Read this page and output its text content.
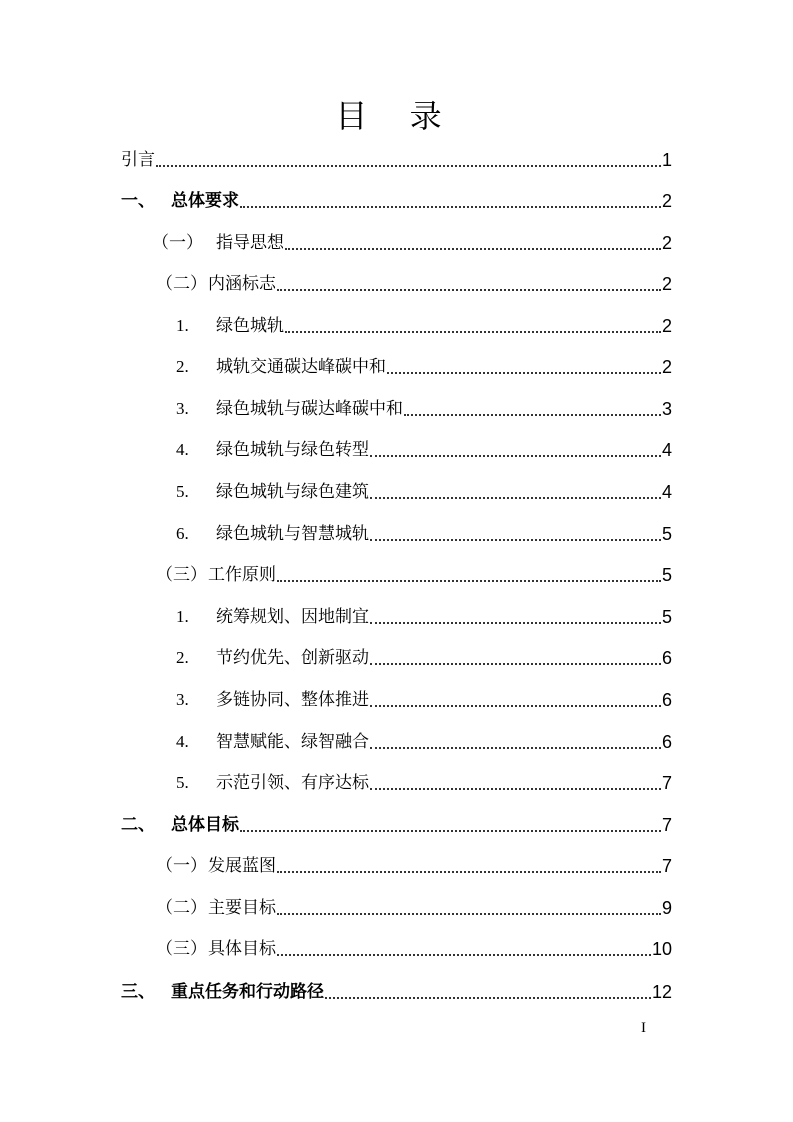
目 录
引言	1
一、 总体要求	2
（一） 指导思想	2
（二）内涵标志	2
1. 绿色城轨	2
2. 城轨交通碳达峰碳中和	2
3. 绿色城轨与碳达峰碳中和	3
4. 绿色城轨与绿色转型	4
5. 绿色城轨与绿色建筑	4
6. 绿色城轨与智慧城轨	5
（三）工作原则	5
1. 统筹规划、因地制宜	5
2. 节约优先、创新驱动	6
3. 多链协同、整体推进	6
4. 智慧赋能、绿智融合	6
5. 示范引领、有序达标	7
二、 总体目标	7
（一）发展蓝图	7
（二）主要目标	9
（三）具体目标	10
三、 重点任务和行动路径	12
I
